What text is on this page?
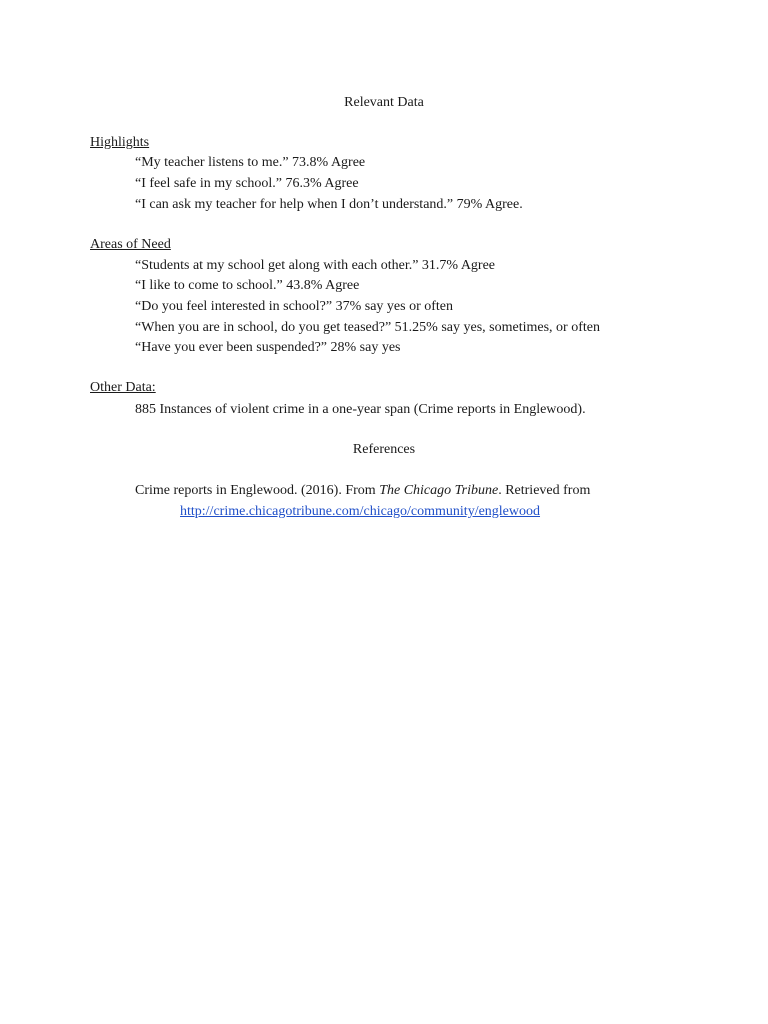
Relevant Data
Highlights
“My teacher listens to me.” 73.8% Agree
“I feel safe in my school.” 76.3% Agree
“I can ask my teacher for help when I don’t understand.” 79% Agree.
Areas of Need
“Students at my school get along with each other.” 31.7% Agree
“I like to come to school.” 43.8% Agree
“Do you feel interested in school?” 37% say yes or often
“When you are in school, do you get teased?” 51.25% say yes, sometimes, or often
“Have you ever been suspended?” 28% say yes
Other Data:
885 Instances of violent crime in a one-year span (Crime reports in Englewood).
References
Crime reports in Englewood. (2016). From The Chicago Tribune. Retrieved from
http://crime.chicagotribune.com/chicago/community/englewood
